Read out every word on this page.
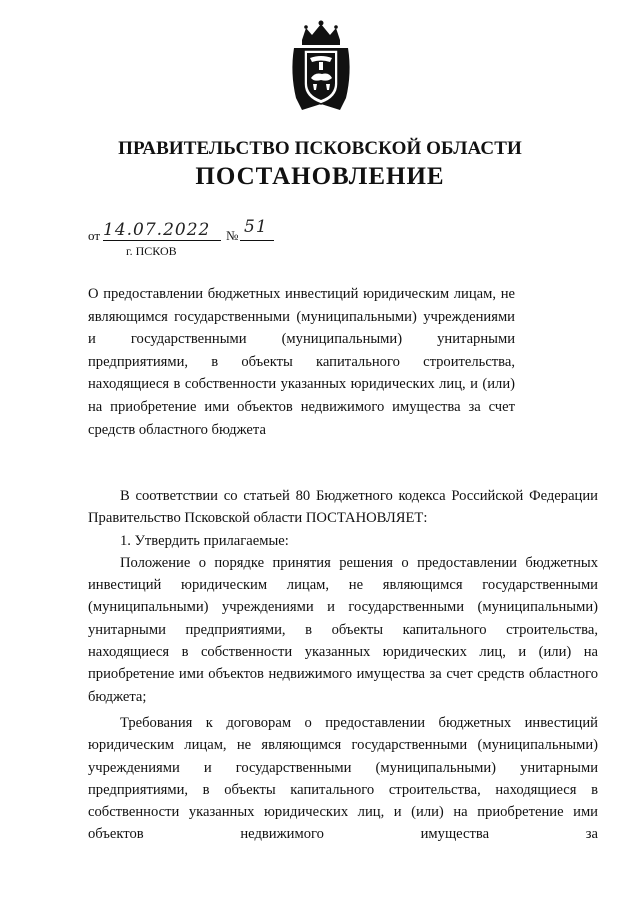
ПРАВИТЕЛЬСТВО ПСКОВСКОЙ ОБЛАСТИ
ПОСТАНОВЛЕНИЕ
от 14.07.2022 № 51
г. ПСКОВ
О предоставлении бюджетных инвестиций юридическим лицам, не являющимся государственными (муниципальными) учреждениями и государственными (муниципальными) унитарными предприятиями, в объекты капитального строительства, находящиеся в собственности указанных юридических лиц, и (или) на приобретение ими объектов недвижимого имущества за счет средств областного бюджета

В соответствии со статьей 80 Бюджетного кодекса Российской Федерации Правительство Псковской области ПОСТАНОВЛЯЕТ:

1. Утвердить прилагаемые:

Положение о порядке принятия решения о предоставлении бюджетных инвестиций юридическим лицам, не являющимся государственными (муниципальными) учреждениями и государственными (муниципальными) унитарными предприятиями, в объекты капитального строительства, находящиеся в собственности указанных юридических лиц, и (или) на приобретение ими объектов недвижимого имущества за счет средств областного бюджета;

Требования к договорам о предоставлении бюджетных инвестиций юридическим лицам, не являющимся государственными (муниципальными) учреждениями и государственными (муниципальными) унитарными предприятиями, в объекты капитального строительства, находящиеся в собственности указанных юридических лиц, и (или) на приобретение ими объектов недвижимого имущества за
